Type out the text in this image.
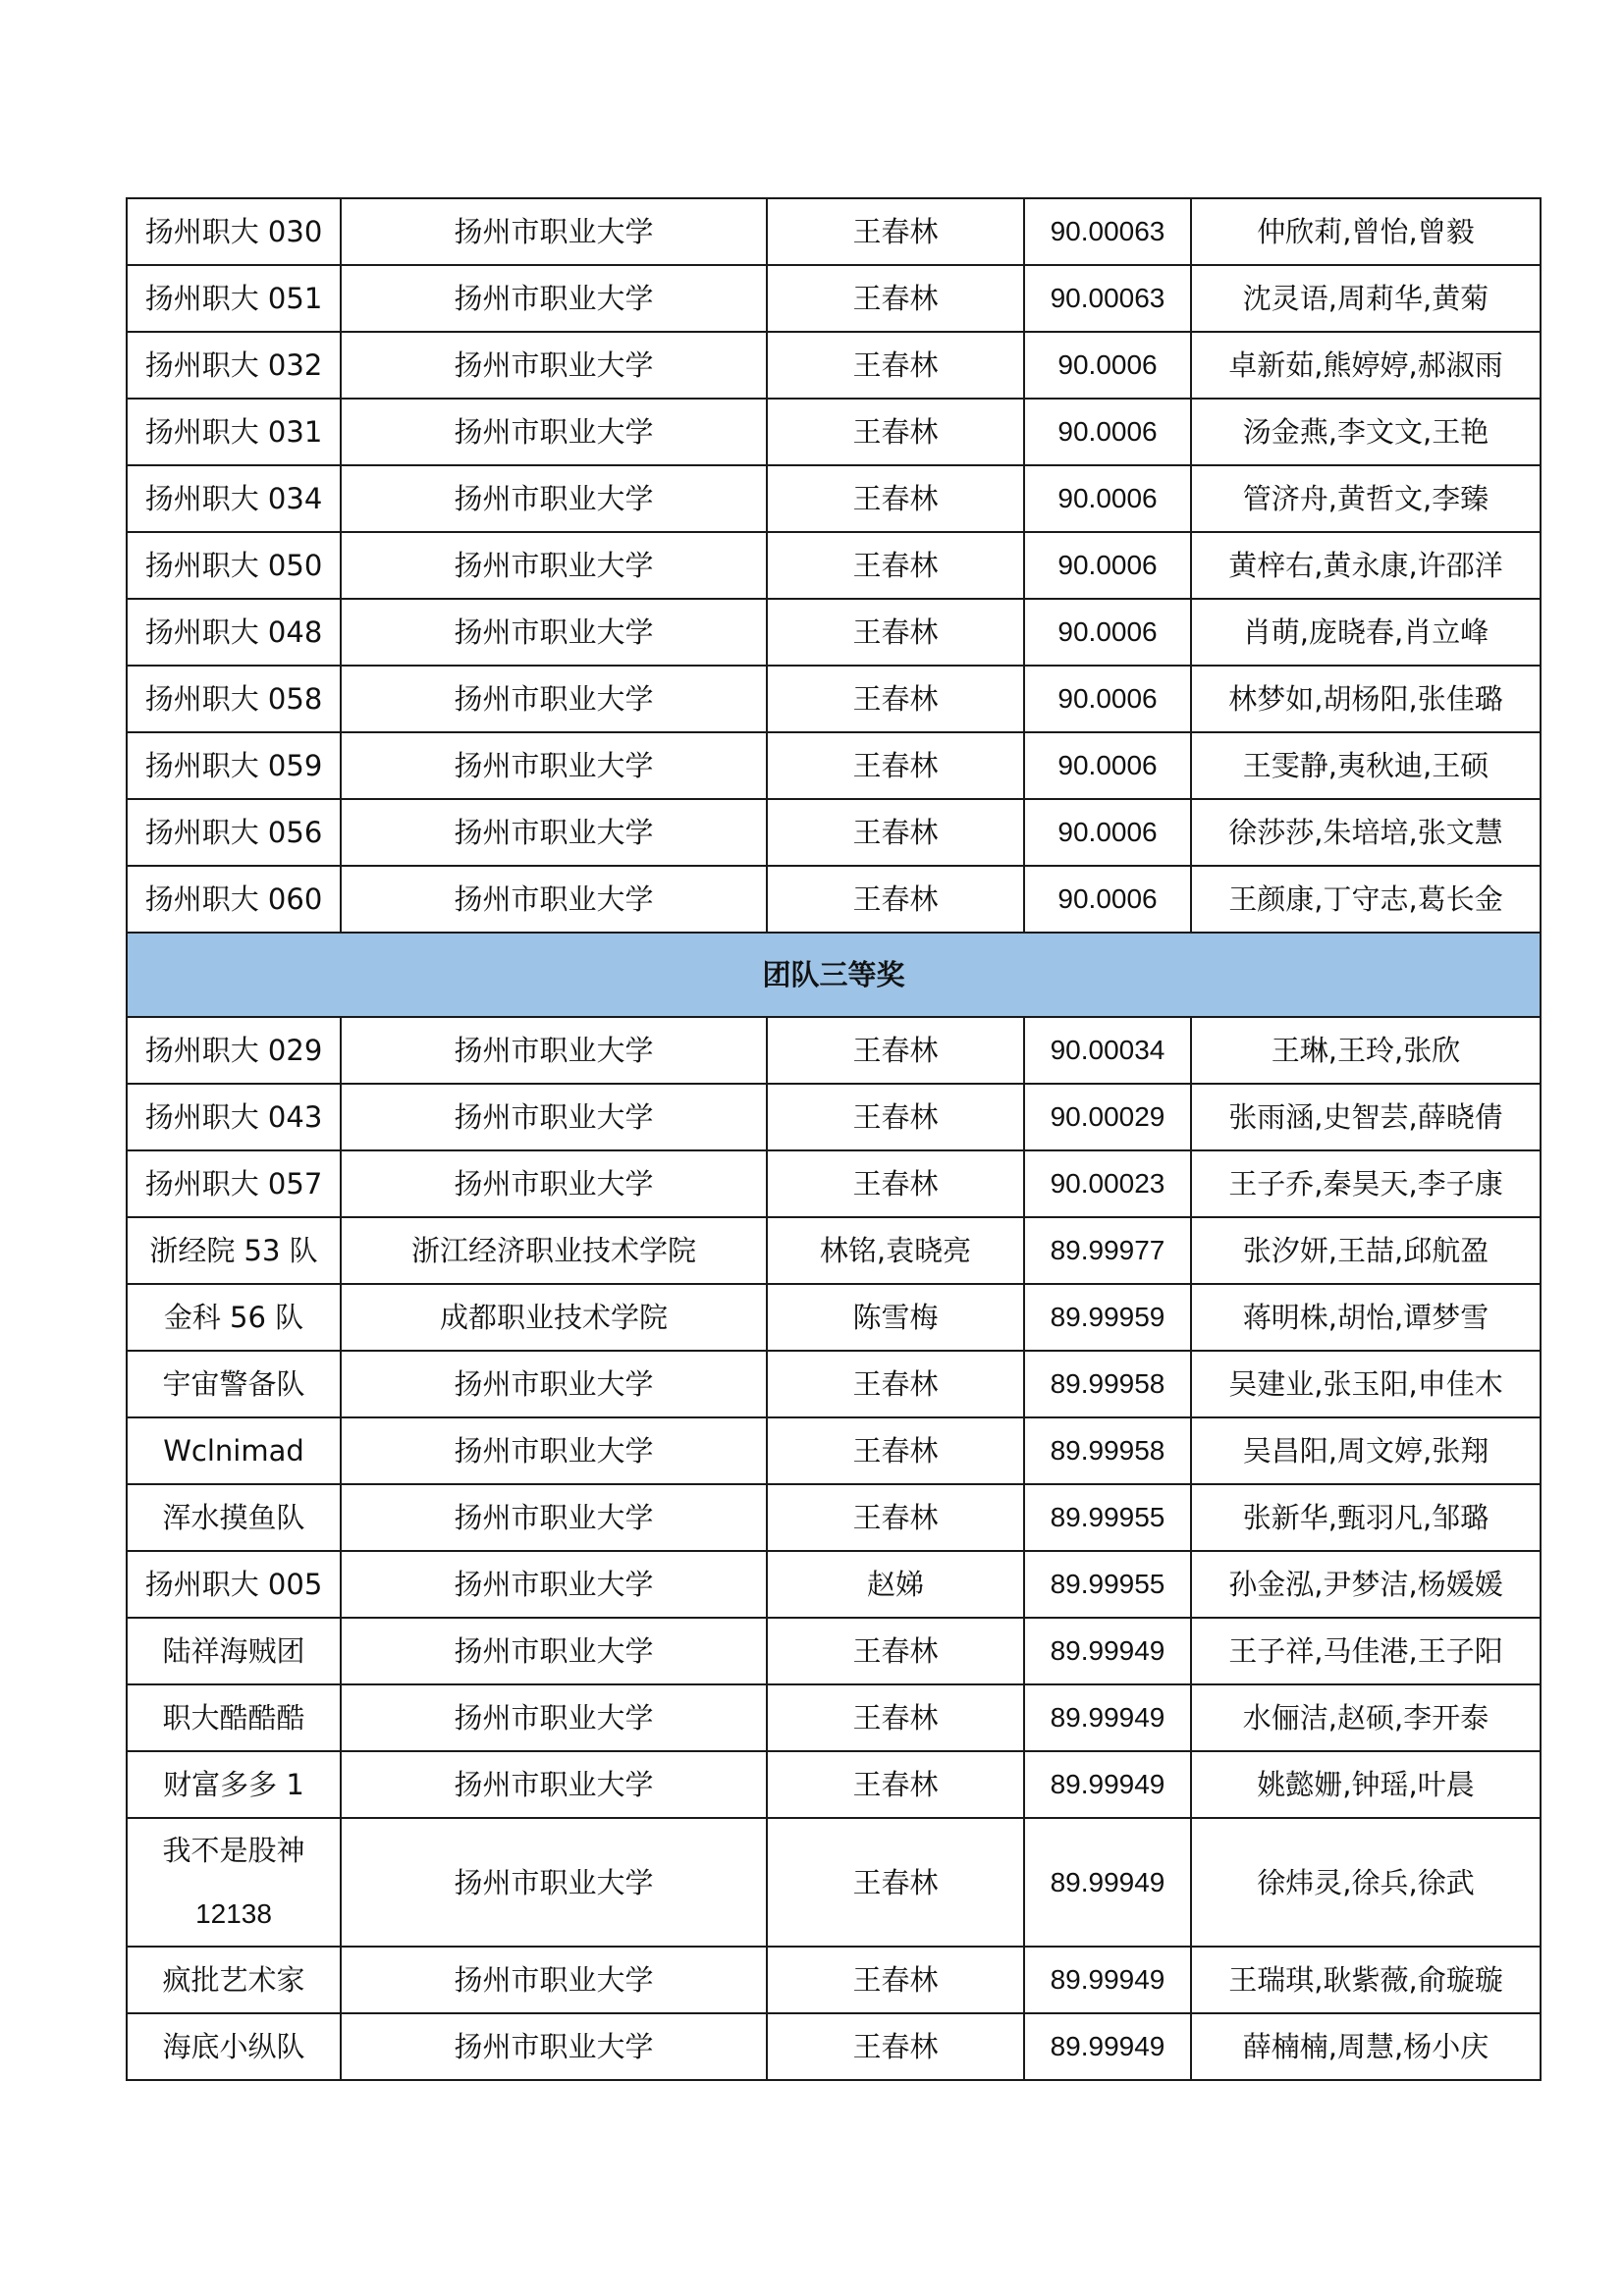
扬州职大 030	扬州市职业大学	王春林	90.00063	仲欣莉,曾怡,曾毅
扬州职大 051	扬州市职业大学	王春林	90.00063	沈灵语,周莉华,黄菊
扬州职大 032	扬州市职业大学	王春林	90.0006	卓新茹,熊婷婷,郝淑雨
扬州职大 031	扬州市职业大学	王春林	90.0006	汤金燕,李文文,王艳
扬州职大 034	扬州市职业大学	王春林	90.0006	管济舟,黄哲文,李臻
扬州职大 050	扬州市职业大学	王春林	90.0006	黄梓右,黄永康,许邵洋
扬州职大 048	扬州市职业大学	王春林	90.0006	肖萌,庞晓春,肖立峰
扬州职大 058	扬州市职业大学	王春林	90.0006	林梦如,胡杨阳,张佳璐
扬州职大 059	扬州市职业大学	王春林	90.0006	王雯静,夷秋迪,王硕
扬州职大 056	扬州市职业大学	王春林	90.0006	徐莎莎,朱培培,张文慧
扬州职大 060	扬州市职业大学	王春林	90.0006	王颜康,丁守志,葛长金
团队三等奖				
扬州职大 029	扬州市职业大学	王春林	90.00034	王琳,王玲,张欣
扬州职大 043	扬州市职业大学	王春林	90.00029	张雨涵,史智芸,薛晓倩
扬州职大 057	扬州市职业大学	王春林	90.00023	王子乔,秦昊天,李子康
浙经院 53 队	浙江经济职业技术学院	林铭,袁晓亮	89.99977	张汐妍,王喆,邱航盈
金科 56 队	成都职业技术学院	陈雪梅	89.99959	蒋明株,胡怡,谭梦雪
宇宙警备队	扬州市职业大学	王春林	89.99958	吴建业,张玉阳,申佳木
Wclnimad	扬州市职业大学	王春林	89.99958	吴昌阳,周文婷,张翔
浑水摸鱼队	扬州市职业大学	王春林	89.99955	张新华,甄羽凡,邹璐
扬州职大 005	扬州市职业大学	赵娣	89.99955	孙金泓,尹梦洁,杨媛媛
陆祥海贼团	扬州市职业大学	王春林	89.99949	王子祥,马佳港,王子阳
职大酷酷酷	扬州市职业大学	王春林	89.99949	水俪洁,赵硕,李开泰
财富多多 1	扬州市职业大学	王春林	89.99949	姚懿姗,钟瑶,叶晨
我不是股神
12138	扬州市职业大学	王春林	89.99949	徐炜灵,徐兵,徐武
疯批艺术家	扬州市职业大学	王春林	89.99949	王瑞琪,耿紫薇,俞璇璇
海底小纵队	扬州市职业大学	王春林	89.99949	薛楠楠,周慧,杨小庆
